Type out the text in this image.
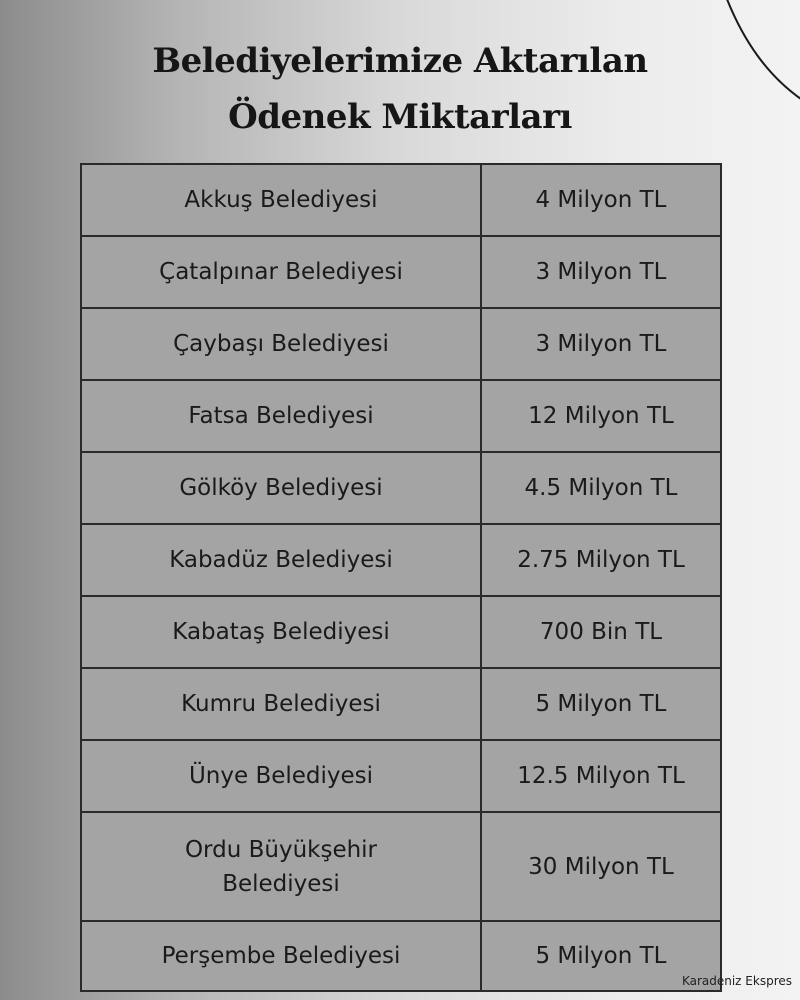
Belediyelerimize Aktarılan
Ödenek Miktarları
Akkuş Belediyesi	4 Milyon TL
Çatalpınar Belediyesi	3 Milyon TL
Çaybaşı Belediyesi	3 Milyon TL
Fatsa Belediyesi	12 Milyon TL
Gölköy Belediyesi	4.5 Milyon TL
Kabadüz Belediyesi	2.75 Milyon TL
Kabataş Belediyesi	700 Bin TL
Kumru Belediyesi	5 Milyon TL
Ünye Belediyesi	12.5 Milyon TL
Ordu Büyükşehir
Belediyesi	30 Milyon TL
Perşembe Belediyesi	5 Milyon TL
Karadeniz Ekspres
